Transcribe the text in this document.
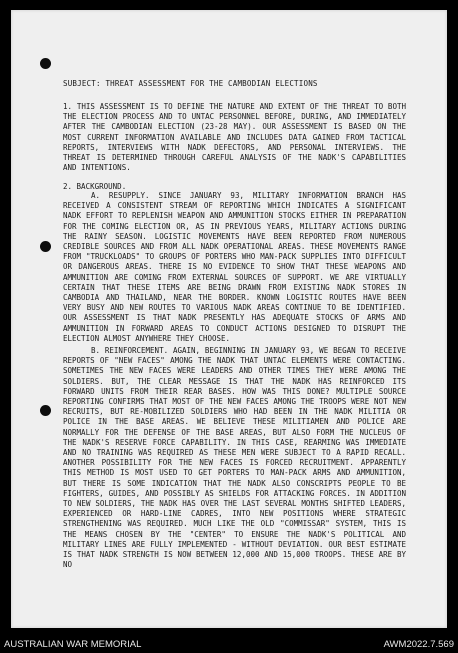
SUBJECT: THREAT ASSESSMENT FOR THE CAMBODIAN ELECTIONS
1. THIS ASSESSMENT IS TO DEFINE THE NATURE AND EXTENT OF THE THREAT TO BOTH THE ELECTION PROCESS AND TO UNTAC PERSONNEL BEFORE, DURING, AND IMMEDIATELY AFTER THE CAMBODIAN ELECTION (23-28 MAY). OUR ASSESSMENT IS BASED ON THE MOST CURRENT INFORMATION AVAILABLE AND INCLUDES DATA GAINED FROM TACTICAL REPORTS, INTERVIEWS WITH NADK DEFECTORS, AND PERSONAL INTERVIEWS. THE THREAT IS DETERMINED THROUGH CAREFUL ANALYSIS OF THE NADK'S CAPABILITIES AND INTENTIONS.
2. BACKGROUND.
A. RESUPPLY. SINCE JANUARY 93, MILITARY INFORMATION BRANCH HAS RECEIVED A CONSISTENT STREAM OF REPORTING WHICH INDICATES A SIGNIFICANT NADK EFFORT TO REPLENISH WEAPON AND AMMUNITION STOCKS EITHER IN PREPARATION FOR THE COMING ELECTION OR, AS IN PREVIOUS YEARS, MILITARY ACTIONS DURING THE RAINY SEASON. LOGISTIC MOVEMENTS HAVE BEEN REPORTED FROM NUMEROUS CREDIBLE SOURCES AND FROM ALL NADK OPERATIONAL AREAS. THESE MOVEMENTS RANGE FROM "TRUCKLOADS" TO GROUPS OF PORTERS WHO MAN-PACK SUPPLIES INTO DIFFICULT OR DANGEROUS AREAS. THERE IS NO EVIDENCE TO SHOW THAT THESE WEAPONS AND AMMUNITION ARE COMING FROM EXTERNAL SOURCES OF SUPPORT. WE ARE VIRTUALLY CERTAIN THAT THESE ITEMS ARE BEING DRAWN FROM EXISTING NADK STORES IN CAMBODIA AND THAILAND, NEAR THE BORDER. KNOWN LOGISTIC ROUTES HAVE BEEN VERY BUSY AND NEW ROUTES TO VARIOUS NADK AREAS CONTINUE TO BE IDENTIFIED. OUR ASSESSMENT IS THAT NADK PRESENTLY HAS ADEQUATE STOCKS OF ARMS AND AMMUNITION IN FORWARD AREAS TO CONDUCT ACTIONS DESIGNED TO DISRUPT THE ELECTION ALMOST ANYWHERE THEY CHOOSE.
B. REINFORCEMENT. AGAIN, BEGINNING IN JANUARY 93, WE BEGAN TO RECEIVE REPORTS OF "NEW FACES" AMONG THE NADK THAT UNTAC ELEMENTS WERE CONTACTING. SOMETIMES THE NEW FACES WERE LEADERS AND OTHER TIMES THEY WERE AMONG THE SOLDIERS. BUT, THE CLEAR MESSAGE IS THAT THE NADK HAS REINFORCED ITS FORWARD UNITS FROM THEIR REAR BASES. HOW WAS THIS DONE? MULTIPLE SOURCE REPORTING CONFIRMS THAT MOST OF THE NEW FACES AMONG THE TROOPS WERE NOT NEW RECRUITS, BUT RE-MOBILIZED SOLDIERS WHO HAD BEEN IN THE NADK MILITIA OR POLICE IN THE BASE AREAS. WE BELIEVE THESE MILITIAMEN AND POLICE ARE NORMALLY FOR THE DEFENSE OF THE BASE AREAS, BUT ALSO FORM THE NUCLEUS OF THE NADK'S RESERVE FORCE CAPABILITY. IN THIS CASE, REARMING WAS IMMEDIATE AND NO TRAINING WAS REQUIRED AS THESE MEN WERE SUBJECT TO A RAPID RECALL. ANOTHER POSSIBILITY FOR THE NEW FACES IS FORCED RECRUITMENT. APPARENTLY THIS METHOD IS MOST USED TO GET PORTERS TO MAN-PACK ARMS AND AMMUNITION, BUT THERE IS SOME INDICATION THAT THE NADK ALSO CONSCRIPTS PEOPLE TO BE FIGHTERS, GUIDES, AND POSSIBLY AS SHIELDS FOR ATTACKING FORCES. IN ADDITION TO NEW SOLDIERS, THE NADK HAS OVER THE LAST SEVERAL MONTHS SHIFTED LEADERS, EXPERIENCED OR HARD-LINE CADRES, INTO NEW POSITIONS WHERE STRATEGIC STRENGTHENING WAS REQUIRED. MUCH LIKE THE OLD "COMMISSAR" SYSTEM, THIS IS THE MEANS CHOSEN BY THE "CENTER" TO ENSURE THE NADK'S POLITICAL AND MILITARY LINES ARE FULLY IMPLEMENTED - WITHOUT DEVIATION. OUR BEST ESTIMATE IS THAT NADK STRENGTH IS NOW BETWEEN 12,000 AND 15,000 TROOPS. THESE ARE BY NO
AUSTRALIAN WAR MEMORIAL	AWM2022.7.569
